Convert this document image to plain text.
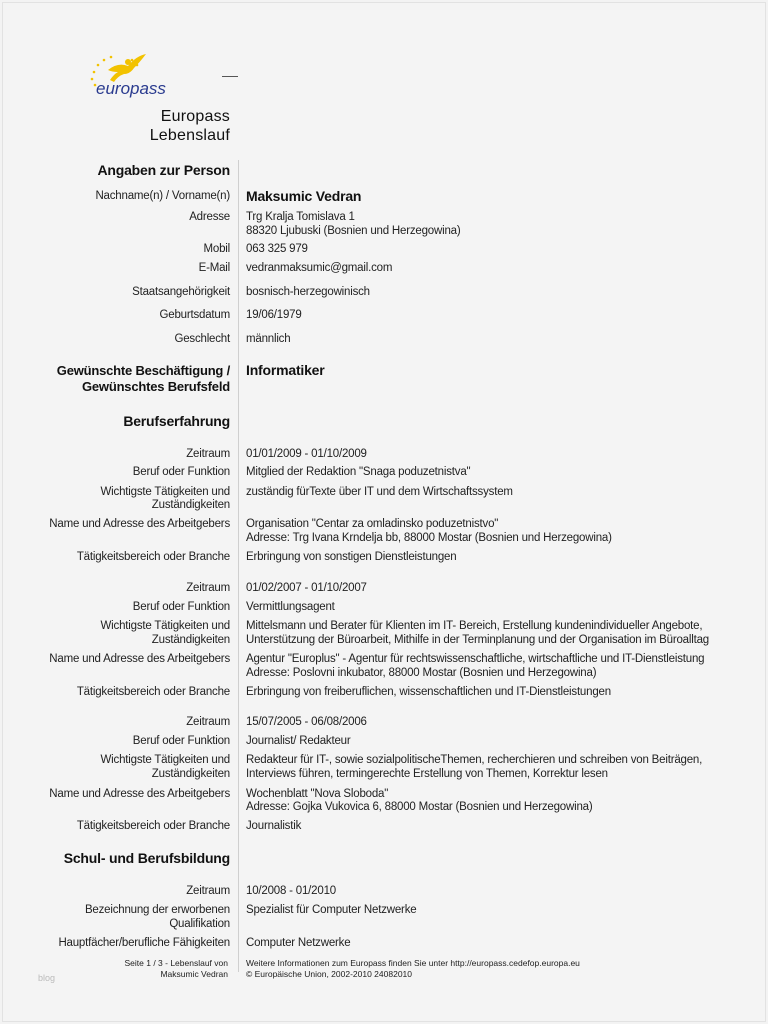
europass
Europass
Lebenslauf
Angaben zur Person
Nachname(n) / Vorname(n) Maksumic Vedran
Adresse Trg Kralja Tomislava 1
88320 Ljubuski (Bosnien und Herzegowina)
Mobil 063 325 979
E-Mail vedranmaksumic@gmail.com
Staatsangehörigkeit bosnisch-herzegowinisch
Geburtsdatum 19/06/1979
Geschlecht männlich
Gewünschte Beschäftigung /
Gewünschtes Berufsfeld
Informatiker
Berufserfahrung
Zeitraum 01/01/2009 - 01/10/2009
Beruf oder Funktion Mitglied der Redaktion "Snaga poduzetnistva"
Wichtigste Tätigkeiten und
Zuständigkeiten
zuständig fürTexte über IT und dem Wirtschaftssystem
Name und Adresse des Arbeitgebers Organisation "Centar za omladinsko poduzetnistvo"
Adresse: Trg Ivana Krndelja bb, 88000 Mostar (Bosnien und Herzegowina)
Tätigkeitsbereich oder Branche Erbringung von sonstigen Dienstleistungen
Zeitraum 01/02/2007 - 01/10/2007
Beruf oder Funktion Vermittlungsagent
Wichtigste Tätigkeiten und
Zuständigkeiten
Mittelsmann und Berater für Klienten im IT- Bereich, Erstellung kundenindividueller Angebote,
Unterstützung der Büroarbeit, Mithilfe in der Terminplanung und der Organisation im Büroalltag
Name und Adresse des Arbeitgebers Agentur "Europlus" - Agentur für rechtswissenschaftliche, wirtschaftliche und IT-Dienstleistung
Adresse: Poslovni inkubator, 88000 Mostar (Bosnien und Herzegowina)
Tätigkeitsbereich oder Branche Erbringung von freiberuflichen, wissenschaftlichen und IT-Dienstleistungen
Zeitraum 15/07/2005 - 06/08/2006
Beruf oder Funktion Journalist/ Redakteur
Wichtigste Tätigkeiten und
Zuständigkeiten
Redakteur für IT-, sowie sozialpolitischeThemen, recherchieren und schreiben von Beiträgen,
Interviews führen, termingerechte Erstellung von Themen, Korrektur lesen
Name und Adresse des Arbeitgebers Wochenblatt "Nova Sloboda"
Adresse: Gojka Vukovica 6, 88000 Mostar (Bosnien und Herzegowina)
Tätigkeitsbereich oder Branche Journalistik
Schul- und Berufsbildung
Zeitraum 10/2008 - 01/2010
Bezeichnung der erworbenen
Qualifikation
Spezialist für Computer Netzwerke
Hauptfächer/berufliche Fähigkeiten Computer Netzwerke
Seite 1 / 3 - Lebenslauf von
Maksumic Vedran
Weitere Informationen zum Europass finden Sie unter http://europass.cedefop.europa.eu
© Europäische Union, 2002-2010 24082010
blog
